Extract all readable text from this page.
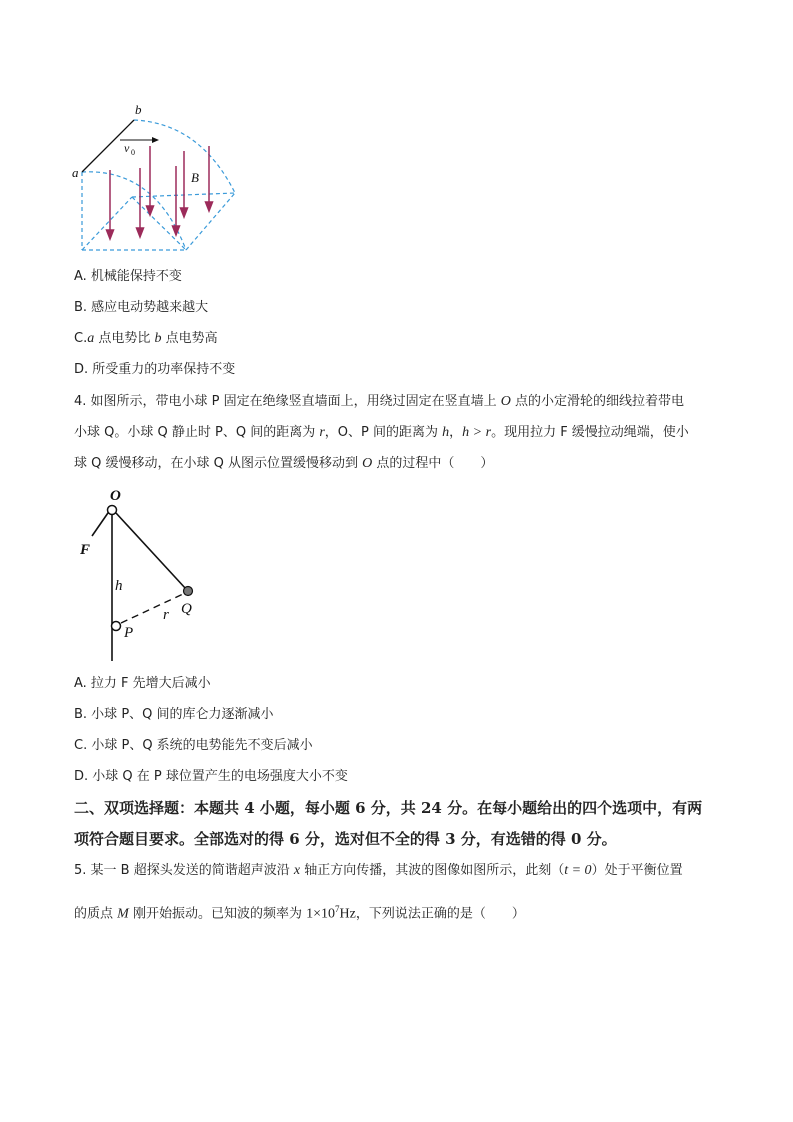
a
b
v 0
B
A. 机械能保持不变
B. 感应电动势越来越大
C.a 点电势比 b 点电势高
D. 所受重力的功率保持不变
4. 如图所示，带电小球 P 固定在绝缘竖直墙面上，用绕过固定在竖直墙上 O 点的小定滑轮的细线拉着带电
小球 Q。小球 Q 静止时 P、Q 间的距离为 r，O、P 间的距离为 h，h > r。现用拉力 F 缓慢拉动绳端，使小
球 Q 缓慢移动，在小球 Q 从图示位置缓慢移动到 O 点的过程中（　　）
O
F
h
Q
r
P
A. 拉力 F 先增大后减小
B. 小球 P、Q 间的库仑力逐渐减小
C. 小球 P、Q 系统的电势能先不变后减小
D. 小球 Q 在 P 球位置产生的电场强度大小不变
二、双项选择题：本题共 4 小题，每小题 6 分，共 24 分。在每小题给出的四个选项中，有两
项符合题目要求。全部选对的得 6 分，选对但不全的得 3 分，有选错的得 0 分。
5. 某一 B 超探头发送的简谐超声波沿 x 轴正方向传播，其波的图像如图所示，此刻（t = 0）处于平衡位置
的质点 M 刚开始振动。已知波的频率为 $1\times 10^7Hz$，下列说法正确的是（　　）
